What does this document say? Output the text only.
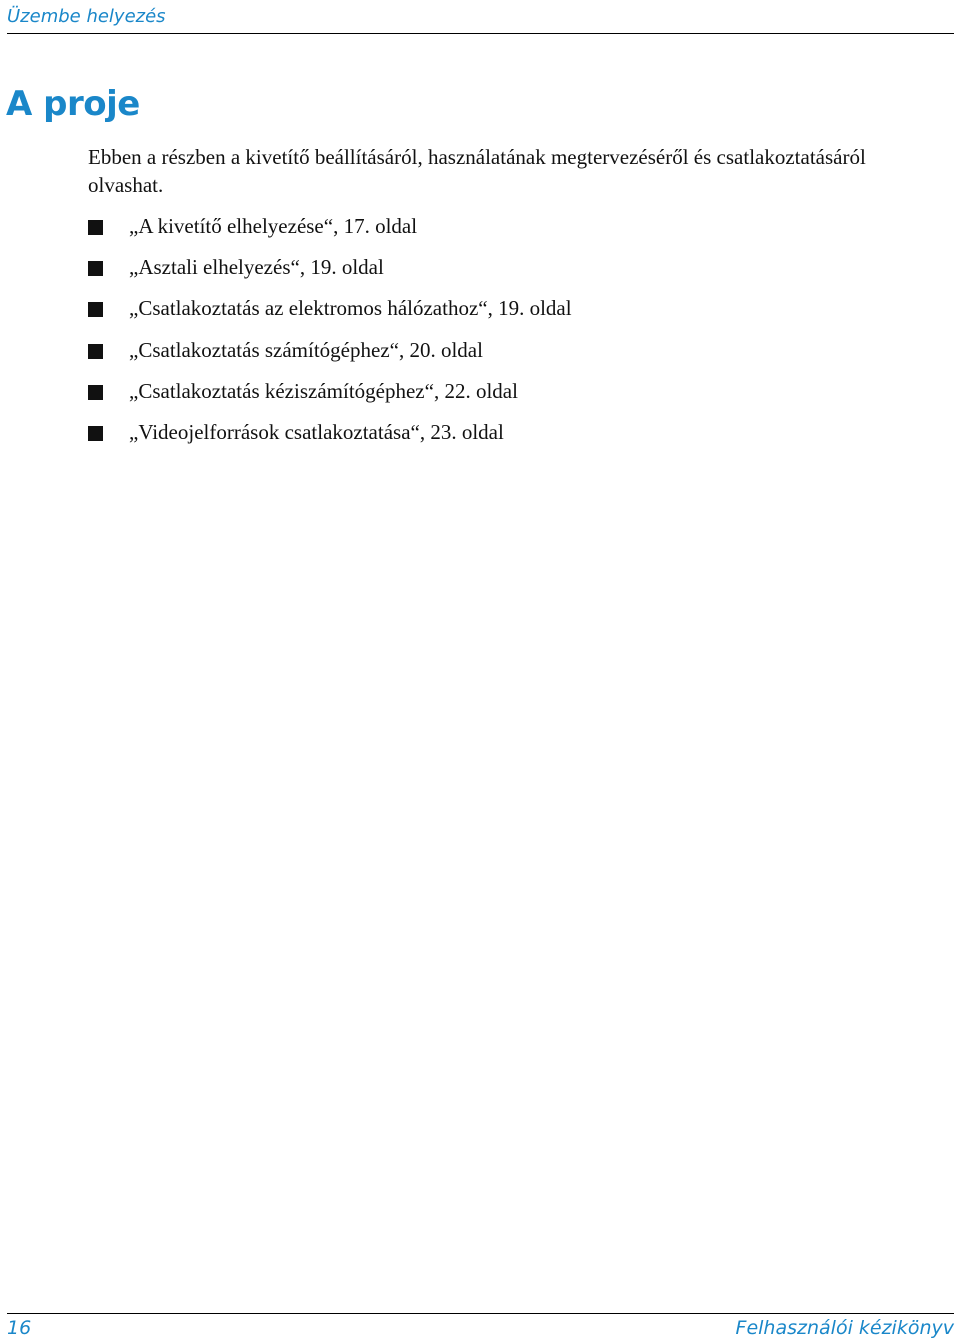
Üzembe helyezés
A proje

Ebben a részben a kivetítő beállításáról, használatának megtervezéséről és csatlakoztatásáról olvashat.

„A kivetítő elhelyezése“, 17. oldal
„Asztali elhelyezés“, 19. oldal
„Csatlakoztatás az elektromos hálózathoz“, 19. oldal
„Csatlakoztatás számítógéphez“, 20. oldal
„Csatlakoztatás kéziszámítógéphez“, 22. oldal
„Videojelforrások csatlakoztatása“, 23. oldal
16	Felhasználói kézikönyv
